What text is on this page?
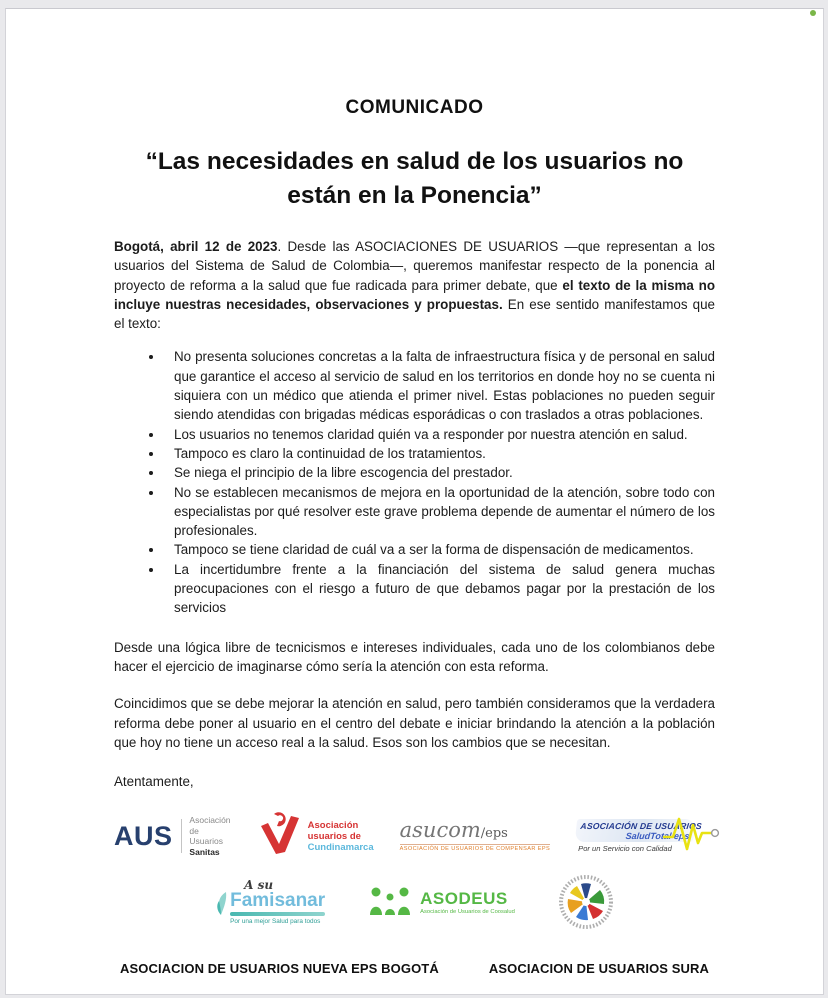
COMUNICADO
“Las necesidades en salud de los usuarios no están en la Ponencia”

Bogotá, abril 12 de 2023. Desde las ASOCIACIONES DE USUARIOS —que representan a los usuarios del Sistema de Salud de Colombia—, queremos manifestar respecto de la ponencia al proyecto de reforma a la salud que fue radicada para primer debate, que el texto de la misma no incluye nuestras necesidades, observaciones y propuestas. En ese sentido manifestamos que el texto:

• No presenta soluciones concretas a la falta de infraestructura física y de personal en salud que garantice el acceso al servicio de salud en los territorios en donde hoy no se cuenta ni siquiera con un médico que atienda el primer nivel. Estas poblaciones no pueden seguir siendo atendidas con brigadas médicas esporádicas o con traslados a otras poblaciones.
• Los usuarios no tenemos claridad quién va a responder por nuestra atención en salud.
• Tampoco es claro la continuidad de los tratamientos.
• Se niega el principio de la libre escogencia del prestador.
• No se establecen mecanismos de mejora en la oportunidad de la atención, sobre todo con especialistas por qué resolver este grave problema depende de aumentar el número de los profesionales.
• Tampoco se tiene claridad de cuál va a ser la forma de dispensación de medicamentos.
• La incertidumbre frente a la financiación del sistema de salud genera muchas preocupaciones con el riesgo a futuro de que debamos pagar por la prestación de los servicios

Desde una lógica libre de tecnicismos e intereses individuales, cada uno de los colombianos debe hacer el ejercicio de imaginarse cómo sería la atención con esta reforma.

Coincidimos que se debe mejorar la atención en salud, pero también consideramos que la verdadera reforma debe poner al usuario en el centro del debate e iniciar brindando la atención a la población que hoy no tiene un acceso real a la salud. Esos son los cambios que se necesitan.

Atentamente,

AUS
Asociación
de Usuarios
Sanitas
Asociación
usuarios de
Cundinamarca
asucom/eps
ASOCIACIÓN DE USUARIOS DE COMPENSAR EPS
ASOCIACIÓN DE USUARIOS
SaludTotal eps
Por un Servicio con Calidad
A su
Famisanar
Por una mejor Salud para todos
ASODEUS
Asociación de Usuarios de Coosalud
ASOCIACION DE USUARIOS NUEVA EPS BOGOTÁ	ASOCIACION DE USUARIOS SURA
